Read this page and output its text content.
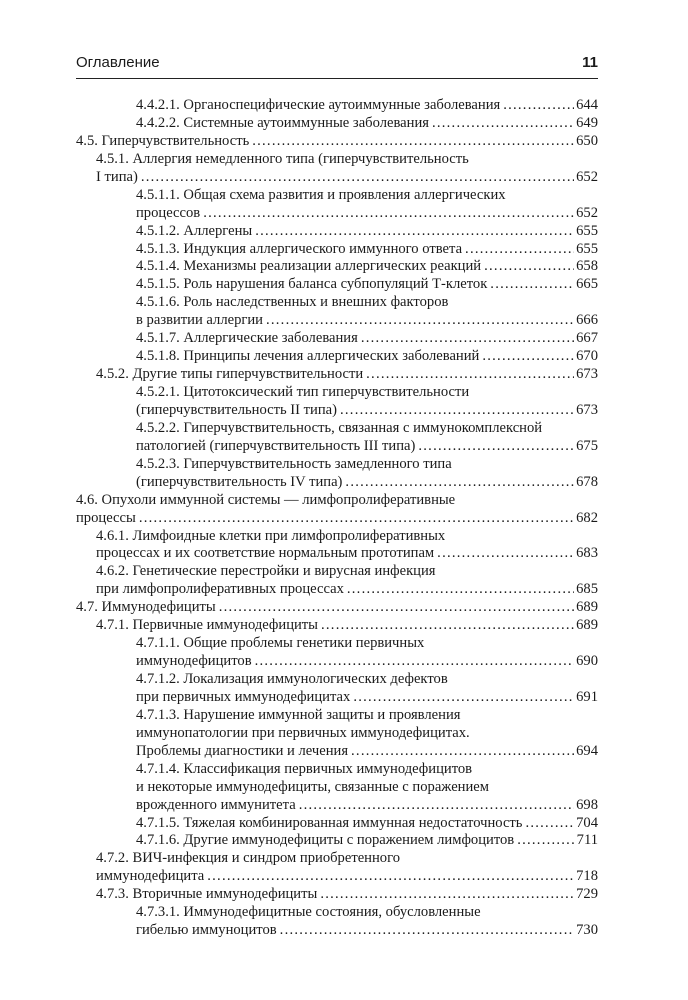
Оглавление	11
4.4.2.1. Органоспецифические аутоиммунные заболевания . . .	644
4.4.2.2. Системные аутоиммунные заболевания . . .	649
4.5. Гиперчувствительность . . .	650
4.5.1. Аллергия немедленного типа (гиперчувствительность
I типа) . . .	652
4.5.1.1. Общая схема развития и проявления аллергических
процессов . . .	652
4.5.1.2. Аллергены . . .	655
4.5.1.3. Индукция аллергического иммунного ответа . . .	655
4.5.1.4. Механизмы реализации аллергических реакций . . .	658
4.5.1.5. Роль нарушения баланса субпопуляций Т-клеток . . .	665
4.5.1.6. Роль наследственных и внешних факторов
в развитии аллергии . . .	666
4.5.1.7. Аллергические заболевания . . .	667
4.5.1.8. Принципы лечения аллергических заболеваний . . .	670
4.5.2. Другие типы гиперчувствительности . . .	673
4.5.2.1. Цитотоксический тип гиперчувствительности
(гиперчувствительность II типа) . . .	673
4.5.2.2. Гиперчувствительность, связанная с иммунокомплексной
патологией (гиперчувствительность III типа) . . .	675
4.5.2.3. Гиперчувствительность замедленного типа
(гиперчувствительность IV типа) . . .	678
4.6. Опухоли иммунной системы — лимфопролиферативные
процессы . . .	682
4.6.1. Лимфоидные клетки при лимфопролиферативных
процессах и их соответствие нормальным прототипам . . .	683
4.6.2. Генетические перестройки и вирусная инфекция
при лимфопролиферативных процессах . . .	685
4.7. Иммунодефициты . . .	689
4.7.1. Первичные иммунодефициты . . .	689
4.7.1.1. Общие проблемы генетики первичных
иммунодефицитов . . .	690
4.7.1.2. Локализация иммунологических дефектов
при первичных иммунодефицитах . . .	691
4.7.1.3. Нарушение иммунной защиты и проявления
иммунопатологии при первичных иммунодефицитах.
Проблемы диагностики и лечения . . .	694
4.7.1.4. Классификация первичных иммунодефицитов
и некоторые иммунодефициты, связанные с поражением
врожденного иммунитета . . .	698
4.7.1.5. Тяжелая комбинированная иммунная недостаточность . . .	704
4.7.1.6. Другие иммунодефициты с поражением лимфоцитов . . .	711
4.7.2. ВИЧ-инфекция и синдром приобретенного
иммунодефицита . . .	718
4.7.3. Вторичные иммунодефициты . . .	729
4.7.3.1. Иммунодефицитные состояния, обусловленные
гибелью иммуноцитов . . .	730
